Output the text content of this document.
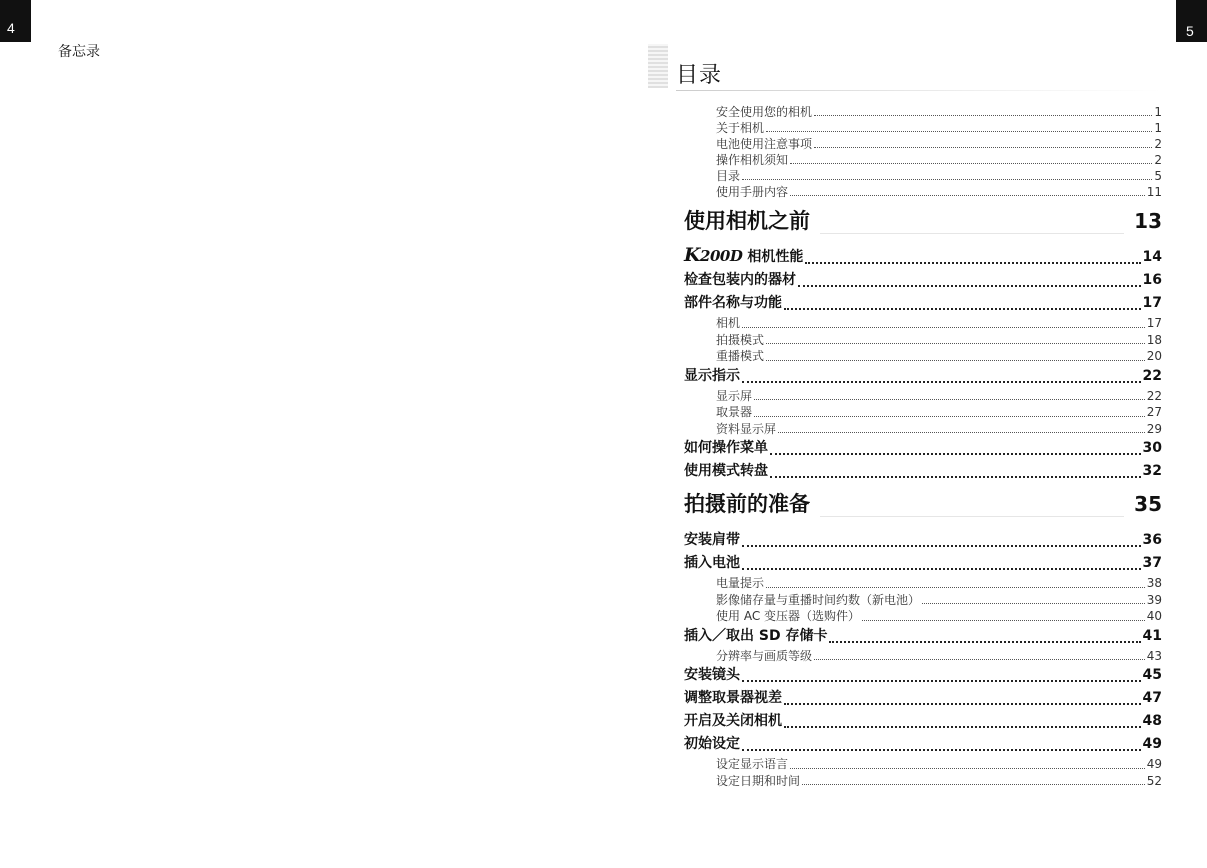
4
备忘录
5
目录
安全使用您的相机	1
关于相机	1
电池使用注意事项	2
操作相机须知	2
目录	5
使用手册内容	11
使用相机之前	13
K200D 相机性能	14
检查包装内的器材	16
部件名称与功能	17
相机	17
拍摄模式	18
重播模式	20
显示指示	22
显示屏	22
取景器	27
资料显示屏	29
如何操作菜单	30
使用模式转盘	32
拍摄前的准备	35
安装肩带	36
插入电池	37
电量提示	38
影像储存量与重播时间约数（新电池）	39
使用 AC 变压器（选购件）	40
插入／取出 SD 存储卡	41
分辨率与画质等级	43
安装镜头	45
调整取景器视差	47
开启及关闭相机	48
初始设定	49
设定显示语言	49
设定日期和时间	52
